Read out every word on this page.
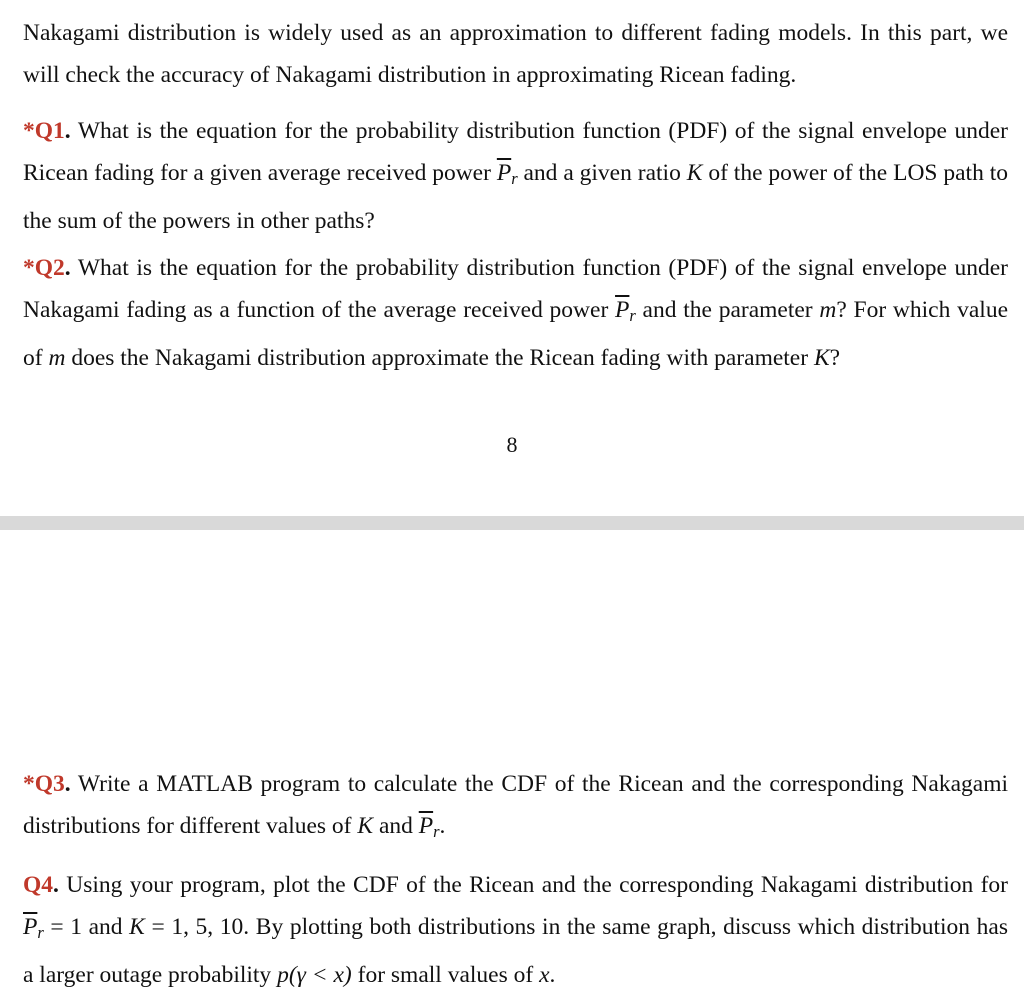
Nakagami distribution is widely used as an approximation to different fading models. In this part, we will check the accuracy of Nakagami distribution in approximating Ricean fading.

*Q1. What is the equation for the probability distribution function (PDF) of the signal envelope under Ricean fading for a given average received power $\overline{P}_r$ and a given ratio K of the power of the LOS path to the sum of the powers in other paths?

*Q2. What is the equation for the probability distribution function (PDF) of the signal envelope under Nakagami fading as a function of the average received power $\overline{P}_r$ and the parameter m? For which value of m does the Nakagami distribution approximate the Ricean fading with parameter K?

8

*Q3. Write a MATLAB program to calculate the CDF of the Ricean and the corresponding Nakagami distributions for different values of K and $\overline{P}_r$.

Q4. Using your program, plot the CDF of the Ricean and the corresponding Nakagami distribution for $\overline{P}_r = 1$ and K = 1, 5, 10. By plotting both distributions in the same graph, discuss which distribution has a larger outage probability p(γ < x) for small values of x.
